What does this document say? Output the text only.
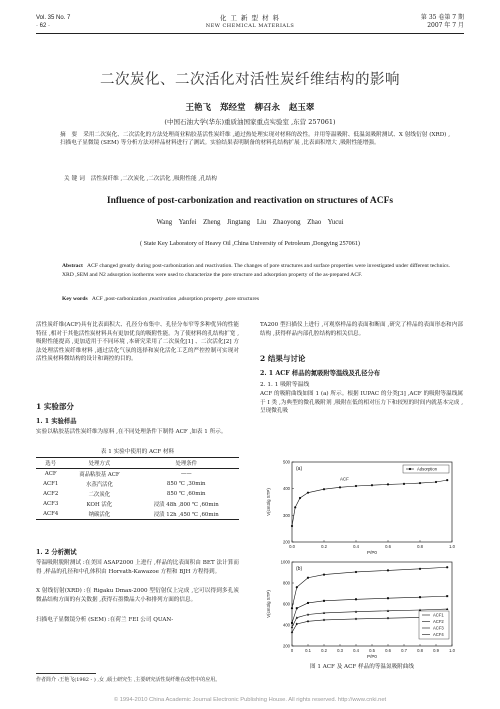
Vol. 35 No. 7
· 62 ·
化 工 新 型 材 料
NEW CHEMICAL MATERIALS
第 35 卷第 7 期
2007 年 7 月
二次炭化、二次活化对活性炭纤维结构的影响
王艳飞 郑经堂 柳召永 赵玉翠
(中国石油大学(华东)重质油国家重点实验室 ,东营 257061)
摘 要 采用二次炭化、二次活化的方法处理商业粘胶基活性炭纤维 ,通过热处理实现对材料的改性。并用等温吸附、低温氮吸附测试、X 射线衍射 (XRD) ,扫描电子显微镜 (SEM) 等分析方法对样品材料进行了测试。实验结果表明制备的材料孔结构扩展 ,比表面积增大 ,吸附性能增强。
关键词 活性炭纤维 ,二次炭化 ,二次活化 ,吸附性能 ,孔结构
Influence of post-carbonization and reactivation on structures of ACFs
Wang Yanfei Zheng Jingtang Liu Zhaoyong Zhao Yucui
( State Key Laboratory of Heavy Oil ,China University of Petroleum ,Dongying 257061)
Abstract ACF changed greatly during post-carbonization and reactivation. The changes of pore structures and surface properties were investigated under different technics. XRD ,SEM and N2 adsorption isotherms were used to characterize the pore structure and adsorption property of the as-prepared ACF.
Key words ACF ,post-carbonization ,reactivation ,adsorption property ,pore structures
活性炭纤维(ACF)具有比表面积大、孔径分布集中、孔径分布窄等多种优异的性能特征 ,相对于其他活性炭材料具有更加优良的吸附性能。为了使材料的孔结构扩宽 ,吸附性能提高 ,更加适用于不同环境 ,本研究采用了二次炭化[1] 、二次活化[2] 方法处理活性炭纤维材料 ,通过活化气氛的选择和炭化活化工艺的严控控制可实现对活性炭材料微结构的设计和调控的目的。
1 实验部分
1. 1 实验样品
实验以粘胶基活性炭纤维为原料 ,在不同处理条件下制得 ACF ,如表 1 所示。
表 1 实验中使用的 ACF 材料
选号	处理方式	处理条件
ACF	商品粘胶基 ACF	——
ACF1	水蒸汽活化	850 ℃ ,30min
ACF2	二次炭化	850 ℃ ,60min
ACF3	KOH 活化	浸渍 48h ,800 ℃ ,60min
ACF4	纳碳活化	浸渍 12h ,450 ℃ ,60min
1. 2 分析测试
等温吸附脱附测试 :在美国 ASAP2000 上进行 ,样品的比表面积由 BET 法计算而得 ,样品的孔径和中孔体积由 Horvath-Kawazoe 方程和 BJH 方程得到。
X 射线衍射(XRD) :在 Rigaku Dmax-2000 型衍射仪上完成 ,它可以得到多孔炭微晶结构方面的有关数据 ,获得石墨微晶大小和排列方面的信息。
扫描电子显微镜分析 (SEM) :在荷兰 FEI 公司 QUAN-
TA200 型扫描仪上进行 ,可观察样品的表面和断面 ,研究了样品的表面形态和内部结构 ,获得样品内部孔腔结构的相关信息。
2 结果与讨论
2. 1 ACF 样品的氮吸附等温线及孔径分布
2. 1. 1 吸附等温线
ACF 的吸附曲线如图 1 (a) 所示。根据 IUPAC 的分类[3] ,ACF 的吸附等温线属于 I 类 ,为典型的微孔吸附剂 ,吸附在低的相对压力下和较短的时间内就基本完成 ,呈现微孔吸
0.0	0.2	0.4	0.6	0.8	1.0
200
300
400
500
P/P0
V(cm3/g STP)
(a)	Adsorption
ACF
0	0.1 0.2 0.3 0.4 0.5 0.6 0.7 0.8 0.9 1.0
200
400
600
800
1000
P/P0
V(cm3/g STP)
(b)
ACF1
ACF2
ACF3
ACF4
图 1 ACF 及 ACF 样品的等温氮吸附曲线
作者简介 :王艳飞(1982 - ) ,女 ,硕士研究生 ,主要研究活性炭纤维在改性中的应用。
© 1994-2010 China Academic Journal Electronic Publishing House. All rights reserved. http://www.cnki.net
